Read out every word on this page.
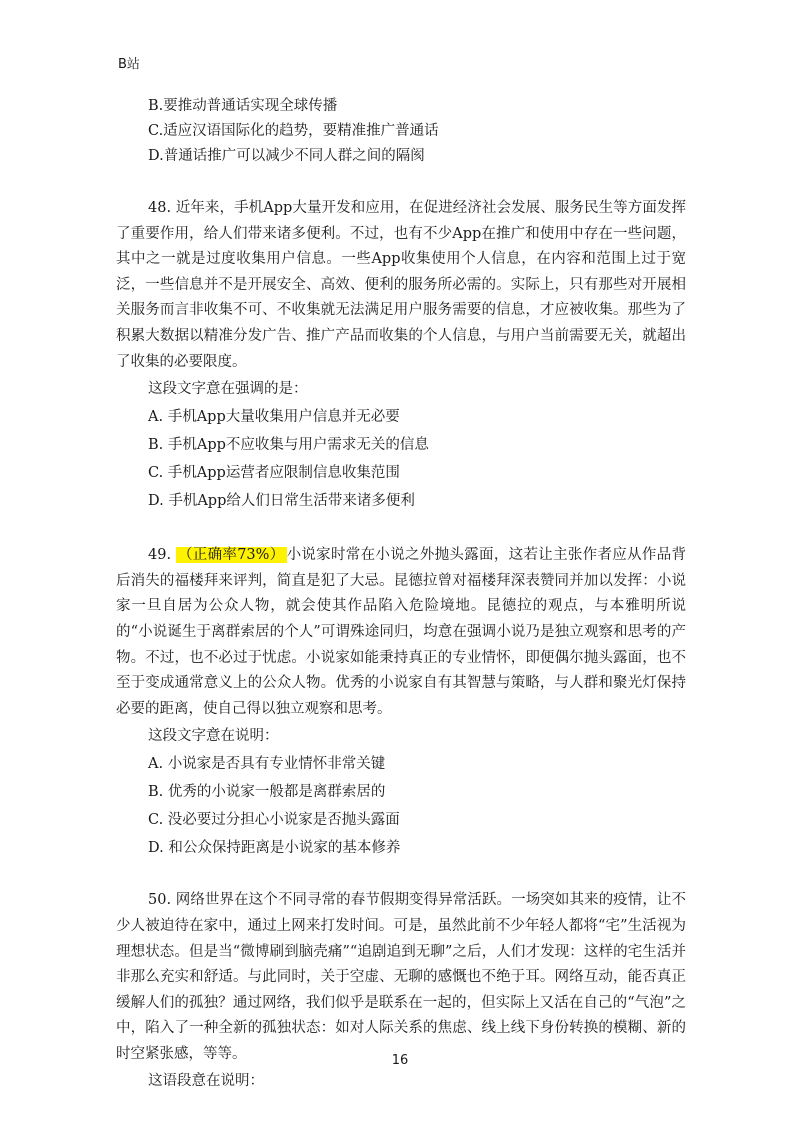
B站
B.要推动普通话实现全球传播
C.适应汉语国际化的趋势，要精准推广普通话
D.普通话推广可以减少不同人群之间的隔阂

48. 近年来，手机App大量开发和应用，在促进经济社会发展、服务民生等方面发挥了重要作用，给人们带来诸多便利。不过，也有不少App在推广和使用中存在一些问题，其中之一就是过度收集用户信息。一些App收集使用个人信息，在内容和范围上过于宽泛，一些信息并不是开展安全、高效、便利的服务所必需的。实际上，只有那些对开展相关服务而言非收集不可、不收集就无法满足用户服务需要的信息，才应被收集。那些为了积累大数据以精准分发广告、推广产品而收集的个人信息，与用户当前需要无关，就超出了收集的必要限度。

这段文字意在强调的是：
A. 手机App大量收集用户信息并无必要
B. 手机App不应收集与用户需求无关的信息
C. 手机App运营者应限制信息收集范围
D. 手机App给人们日常生活带来诸多便利

49. （正确率73%） 小说家时常在小说之外抛头露面，这若让主张作者应从作品背后消失的福楼拜来评判，简直是犯了大忌。昆德拉曾对福楼拜深表赞同并加以发挥：小说家一旦自居为公众人物，就会使其作品陷入危险境地。昆德拉的观点，与本雅明所说的“小说诞生于离群索居的个人”可谓殊途同归，均意在强调小说乃是独立观察和思考的产物。不过，也不必过于忧虑。小说家如能秉持真正的专业情怀，即便偶尔抛头露面，也不至于变成通常意义上的公众人物。优秀的小说家自有其智慧与策略，与人群和聚光灯保持必要的距离，使自己得以独立观察和思考。

这段文字意在说明：
A. 小说家是否具有专业情怀非常关键
B. 优秀的小说家一般都是离群索居的
C. 没必要过分担心小说家是否抛头露面
D. 和公众保持距离是小说家的基本修养

50. 网络世界在这个不同寻常的春节假期变得异常活跃。一场突如其来的疫情，让不少人被迫待在家中，通过上网来打发时间。可是，虽然此前不少年轻人都将“宅”生活视为理想状态。但是当“微博刷到脑壳痛”“追剧追到无聊”之后，人们才发现：这样的宅生活并非那么充实和舒适。与此同时，关于空虚、无聊的感慨也不绝于耳。网络互动，能否真正缓解人们的孤独？通过网络，我们似乎是联系在一起的，但实际上又活在自己的“气泡”之中，陷入了一种全新的孤独状态：如对人际关系的焦虑、线上线下身份转换的模糊、新的时空紧张感，等等。

这语段意在说明：
16
